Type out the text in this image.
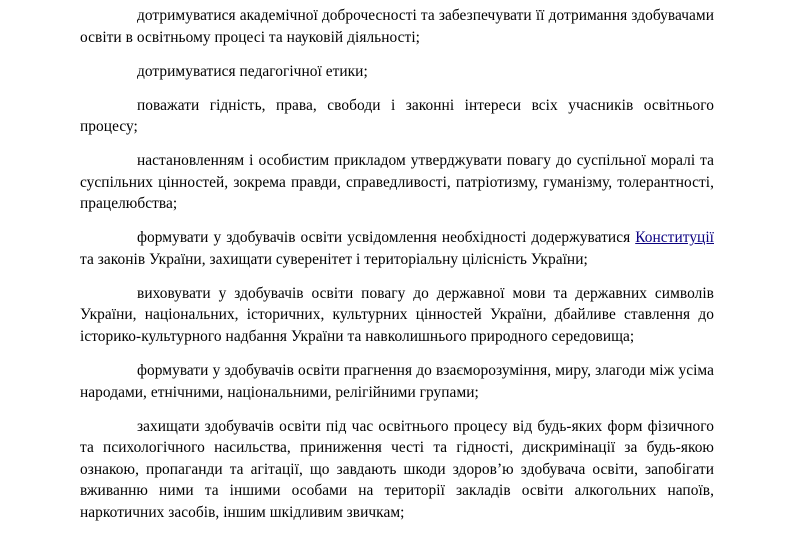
дотримуватися академічної доброчесності та забезпечувати її дотримання здобувачами освіти в освітньому процесі та науковій діяльності;

дотримуватися педагогічної етики;

поважати гідність, права, свободи і законні інтереси всіх учасників освітнього процесу;

настановленням і особистим прикладом утверджувати повагу до суспільної моралі та суспільних цінностей, зокрема правди, справедливості, патріотизму, гуманізму, толерантності, працелюбства;

формувати у здобувачів освіти усвідомлення необхідності додержуватися Конституції та законів України, захищати суверенітет і територіальну цілісність України;

виховувати у здобувачів освіти повагу до державної мови та державних символів України, національних, історичних, культурних цінностей України, дбайливе ставлення до історико-культурного надбання України та навколишнього природного середовища;

формувати у здобувачів освіти прагнення до взаєморозуміння, миру, злагоди між усіма народами, етнічними, національними, релігійними групами;

захищати здобувачів освіти під час освітнього процесу від будь-яких форм фізичного та психологічного насильства, приниження честі та гідності, дискримінації за будь-якою ознакою, пропаганди та агітації, що завдають шкоди здоров’ю здобувача освіти, запобігати вживанню ними та іншими особами на території закладів освіти алкогольних напоїв, наркотичних засобів, іншим шкідливим звичкам;
